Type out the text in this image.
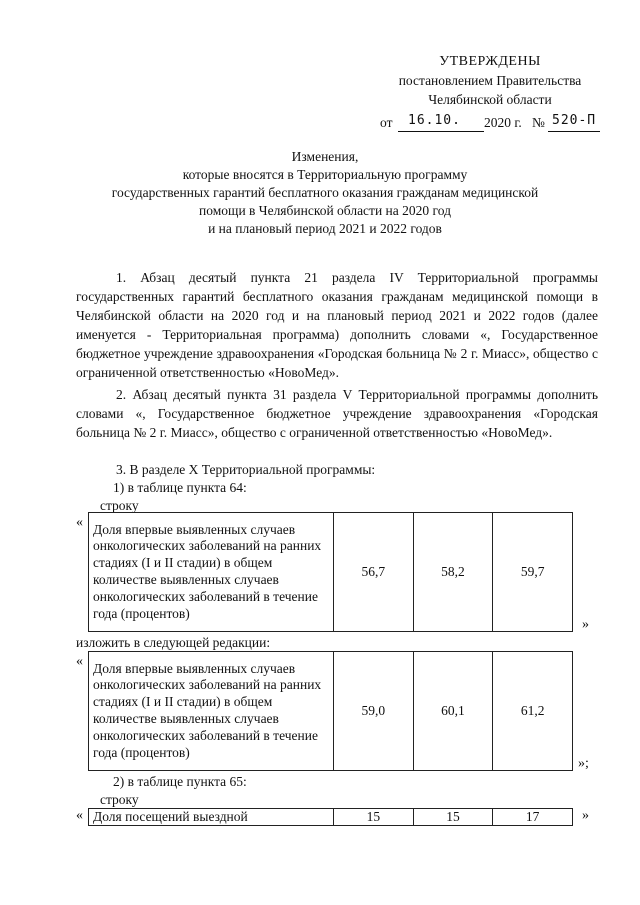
УТВЕРЖДЕНЫ
постановлением Правительства
Челябинской области
от 16.10. 2020 г. № 520-П
Изменения,
которые вносятся в Территориальную программу
государственных гарантий бесплатного оказания гражданам медицинской
помощи в Челябинской области на 2020 год
и на плановый период 2021 и 2022 годов

1. Абзац десятый пункта 21 раздела IV Территориальной программы государственных гарантий бесплатного оказания гражданам медицинской помощи в Челябинской области на 2020 год и на плановый период 2021 и 2022 годов (далее именуется - Территориальная программа) дополнить словами «, Государственное бюджетное учреждение здравоохранения «Городская больница № 2 г. Миасс», общество с ограниченной ответственностью «НовоМед».

2. Абзац десятый пункта 31 раздела V Территориальной программы дополнить словами «, Государственное бюджетное учреждение здравоохранения «Городская больница № 2 г. Миасс», общество с ограниченной ответственностью «НовоМед».

3. В разделе X Территориальной программы:

1) в таблице пункта 64:

строку

« Доля впервые выявленных случаев онкологических заболеваний на ранних стадиях (I и II стадии) в общем количестве выявленных случаев онкологических заболеваний в течение года (процентов)	56,7	58,2	59,7
»

изложить в следующей редакции:

« Доля впервые выявленных случаев онкологических заболеваний на ранних стадиях (I и II стадии) в общем количестве выявленных случаев онкологических заболеваний в течение года (процентов)	59,0	60,1	61,2
»;

2) в таблице пункта 65:

строку

« Доля посещений выездной	15	15	17	»
